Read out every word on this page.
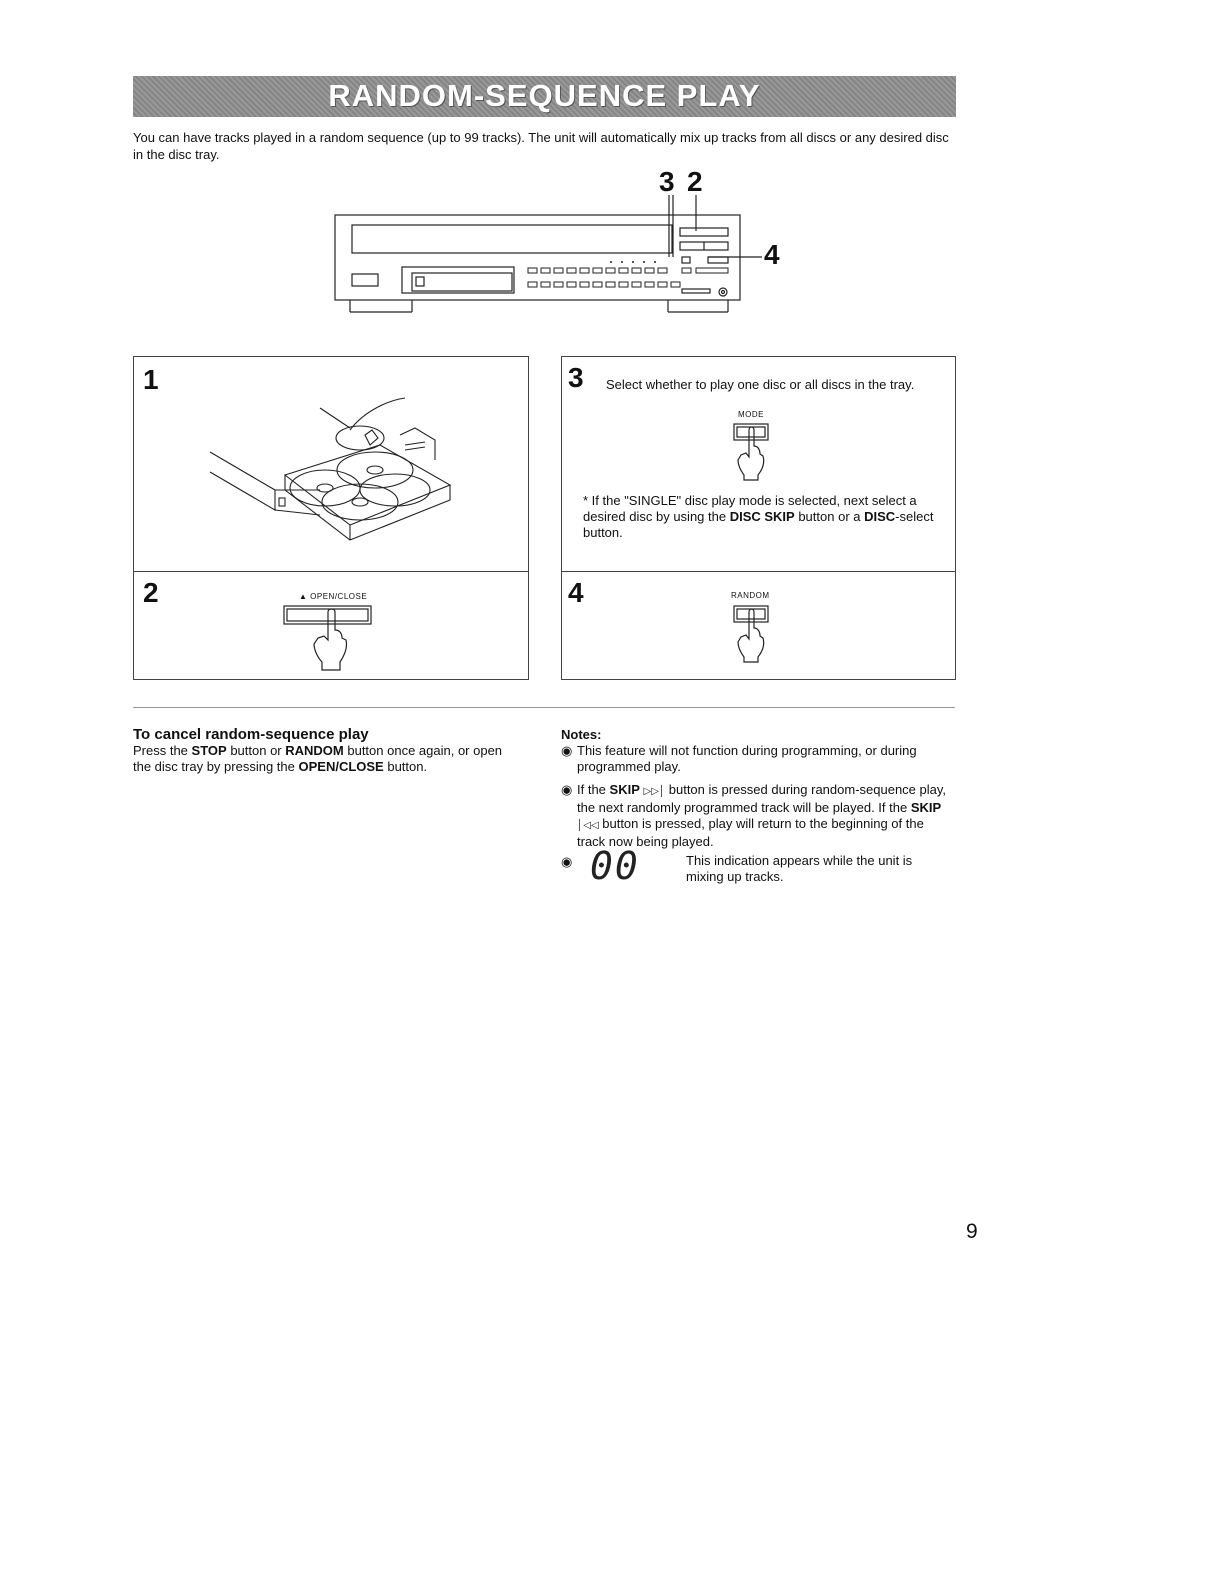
RANDOM-SEQUENCE PLAY
You can have tracks played in a random sequence (up to 99 tracks). The unit will automatically mix up tracks from all discs or any desired disc in the disc tray.
3 2
4
1
2	▲ OPEN/CLOSE
3 Select whether to play one disc or all discs in the tray.
MODE
* If the "SINGLE" disc play mode is selected, next select a desired disc by using the DISC SKIP button or a DISC-select button.
4	RANDOM
To cancel random-sequence play
Press the STOP button or RANDOM button once again, or open the disc tray by pressing the OPEN/CLOSE button.
Notes:
◉ This feature will not function during programming, or during programmed play.
◉ If the SKIP ▷▷│ button is pressed during random-sequence play, the next randomly programmed track will be played. If the SKIP │◁◁ button is pressed, play will return to the beginning of the track now being played.
◉ 00	This indication appears while the unit is mixing up tracks.
9
